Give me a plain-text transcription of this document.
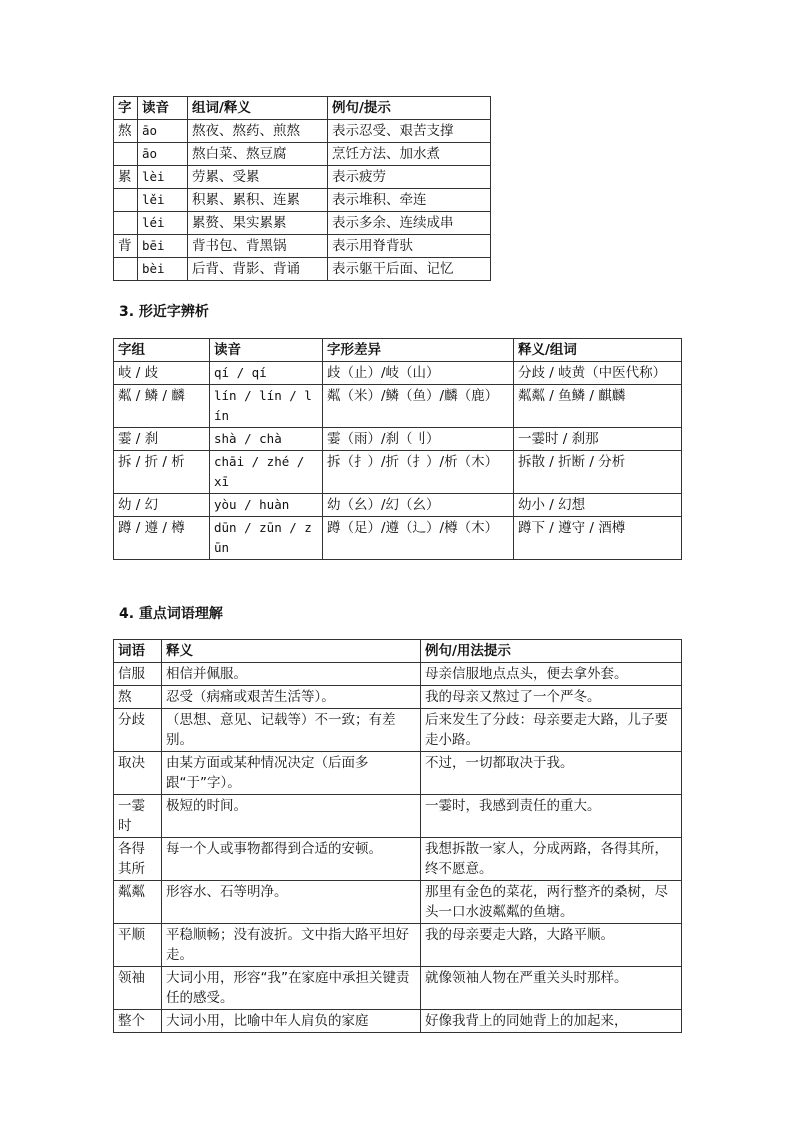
字	读音	组词/释义	例句/提示
熬	āo	熬夜、熬药、煎熬	表示忍受、艰苦支撑
	āo	熬白菜、熬豆腐	烹饪方法、加水煮
累	lèi	劳累、受累	表示疲劳
	lěi	积累、累积、连累	表示堆积、牵连
	léi	累赘、果实累累	表示多余、连续成串
背	bēi	背书包、背黑锅	表示用脊背驮
	bèi	后背、背影、背诵	表示躯干后面、记忆
3. 形近字辨析
字组	读音	字形差异	释义/组词
岐 / 歧	qí / qí	歧（止）/岐（山）	分歧 / 岐黄（中医代称）
粼 / 鳞 / 麟	lín / lín / lín	粼（米）/鳞（鱼）/麟（鹿）	粼粼 / 鱼鳞 / 麒麟
霎 / 刹	shà / chà	霎（雨）/刹（刂）	一霎时 / 刹那
拆 / 折 / 析	chāi / zhé / xī	拆（扌）/折（扌）/析（木）	拆散 / 折断 / 分析
幼 / 幻	yòu / huàn	幼（幺）/幻（幺）	幼小 / 幻想
蹲 / 遵 / 樽	dūn / zūn / zūn	蹲（足）/遵（辶）/樽（木）	蹲下 / 遵守 / 酒樽
4. 重点词语理解
词语	释义	例句/用法提示
信服	相信并佩服。	母亲信服地点点头，便去拿外套。
熬	忍受（病痛或艰苦生活等）。	我的母亲又熬过了一个严冬。
分歧	（思想、意见、记载等）不一致；有差别。	后来发生了分歧：母亲要走大路，儿子要走小路。
取决	由某方面或某种情况决定（后面多跟“于”字）。	不过，一切都取决于我。
一霎时	极短的时间。	一霎时，我感到责任的重大。
各得其所	每一个人或事物都得到合适的安顿。	我想拆散一家人，分成两路，各得其所，终不愿意。
粼粼	形容水、石等明净。	那里有金色的菜花，两行整齐的桑树，尽头一口水波粼粼的鱼塘。
平顺	平稳顺畅；没有波折。文中指大路平坦好走。	我的母亲要走大路，大路平顺。
领袖	大词小用，形容“我”在家庭中承担关键责任的感受。	就像领袖人物在严重关头时那样。
整个	大词小用，比喻中年人肩负的家庭	好像我背上的同她背上的加起来，
